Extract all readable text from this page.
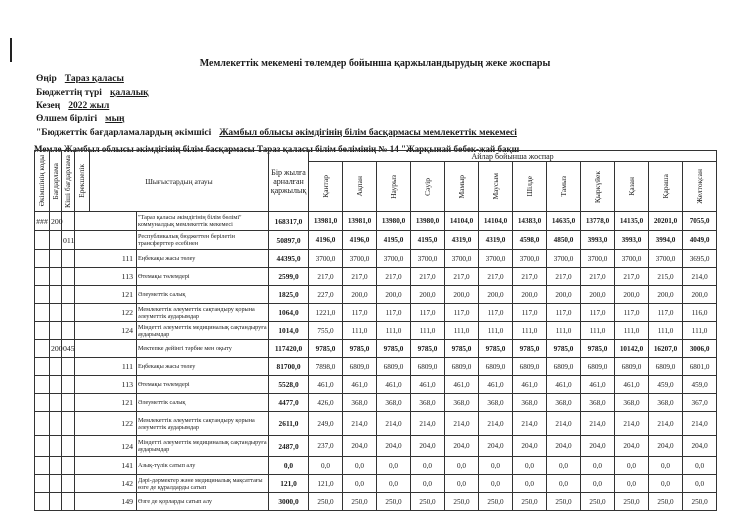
Мемлекеттік мекемені төлемдер бойынша қаржыландырудың жеке жоспары
Өңір Тараз қаласы
Бюджеттің түрі қалалық
Кезең 2022 жыл
Өлшем бірлігі мың
"Бюджеттік бағдарламалардың әкімшісі Жамбыл облысы әкімдігінің білім басқармасы мемлекеттік мекемесі
Мемле Жамбыл облысы әкімдігінің білім басқармасы Тараз қаласы білім бөлімінің № 14 "Жарқынай бөбек-жай бақш
Әкімшінің коды	Бағдарлама	Кіші бағдарлама	Ерекшелік	Шығыстардың атауы		Бір жылға арналған қаржылық	Айлар бойынша жоспар											

							Қантар	Ақпан	Наурыз	Сәуір	Мамыр	Маусым	Шілде	Тамыз	Қыркүйек	Қазан	Қараша	Желтоқсан

###	200				"Тараз қаласы әкімдігінің білім бөлімі" коммуналдық мемлекеттік мекемесі	168317,0	13981,0	13981,0	13980,0	13980,0	14104,0	14104,0	14383,0	14635,0	13778,0	14135,0	20201,0	7055,0
		011			Республикалық бюджеттен берілетін трансферттер есебінен	50897,0	4196,0	4196,0	4195,0	4195,0	4319,0	4319,0	4598,0	4850,0	3993,0	3993,0	3994,0	4049,0
			111		Еңбекақы жасы төлеу	44395,0	3700,0	3700,0	3700,0	3700,0	3700,0	3700,0	3700,0	3700,0	3700,0	3700,0	3700,0	3695,0
			113		Өтемақы төлемдері	2599,0	217,0	217,0	217,0	217,0	217,0	217,0	217,0	217,0	217,0	217,0	215,0	214,0
			121		Әлеуметтік салық	1825,0	227,0	200,0	200,0	200,0	200,0	200,0	200,0	200,0	200,0	200,0	200,0	200,0
			122		Мемлекеттік әлеуметтік сақтандыру қорына әлеуметтік аударымдар	1064,0	1221,0	117,0	117,0	117,0	117,0	117,0	117,0	117,0	117,0	117,0	117,0	116,0
			124		Міндетті әлеуметтік медициналық сақтандыруға аударымдар	1014,0	755,0	111,0	111,0	111,0	111,0	111,0	111,0	111,0	111,0	111,0	111,0	111,0
	200	045			Мектепке дейінгі тәрбие мен оқыту	117420,0	9785,0	9785,0	9785,0	9785,0	9785,0	9785,0	9785,0	9785,0	9785,0	10142,0	16207,0	3006,0
			111		Еңбекақы жасы төлеу	81700,0	7898,0	6809,0	6809,0	6809,0	6809,0	6809,0	6809,0	6809,0	6809,0	6809,0	6809,0	6801,0
			113		Өтемақы төлемдері	5528,0	461,0	461,0	461,0	461,0	461,0	461,0	461,0	461,0	461,0	461,0	459,0	459,0
			121		Әлеуметтік салық	4477,0	426,0	368,0	368,0	368,0	368,0	368,0	368,0	368,0	368,0	368,0	368,0	367,0
			122		Мемлекеттік әлеуметтік сақтандыру қорына әлеуметтік аударымдар	2611,0	249,0	214,0	214,0	214,0	214,0	214,0	214,0	214,0	214,0	214,0	214,0	214,0
			124		Міндетті әлеуметтік медициналық сақтандыруға аударымдар	2487,0	237,0	204,0	204,0	204,0	204,0	204,0	204,0	204,0	204,0	204,0	204,0	204,0
			141		Азық-түлік сатып алу	0,0	0,0	0,0	0,0	0,0	0,0	0,0	0,0	0,0	0,0	0,0	0,0	0,0
			142		Дәрі-дәрмектер және медициналық мақсаттағы өзге де құралдарды сатып	121,0	121,0	0,0	0,0	0,0	0,0	0,0	0,0	0,0	0,0	0,0	0,0	0,0
			149		Өзге де қорларды сатып алу	3000,0	250,0	250,0	250,0	250,0	250,0	250,0	250,0	250,0	250,0	250,0	250,0	250,0
